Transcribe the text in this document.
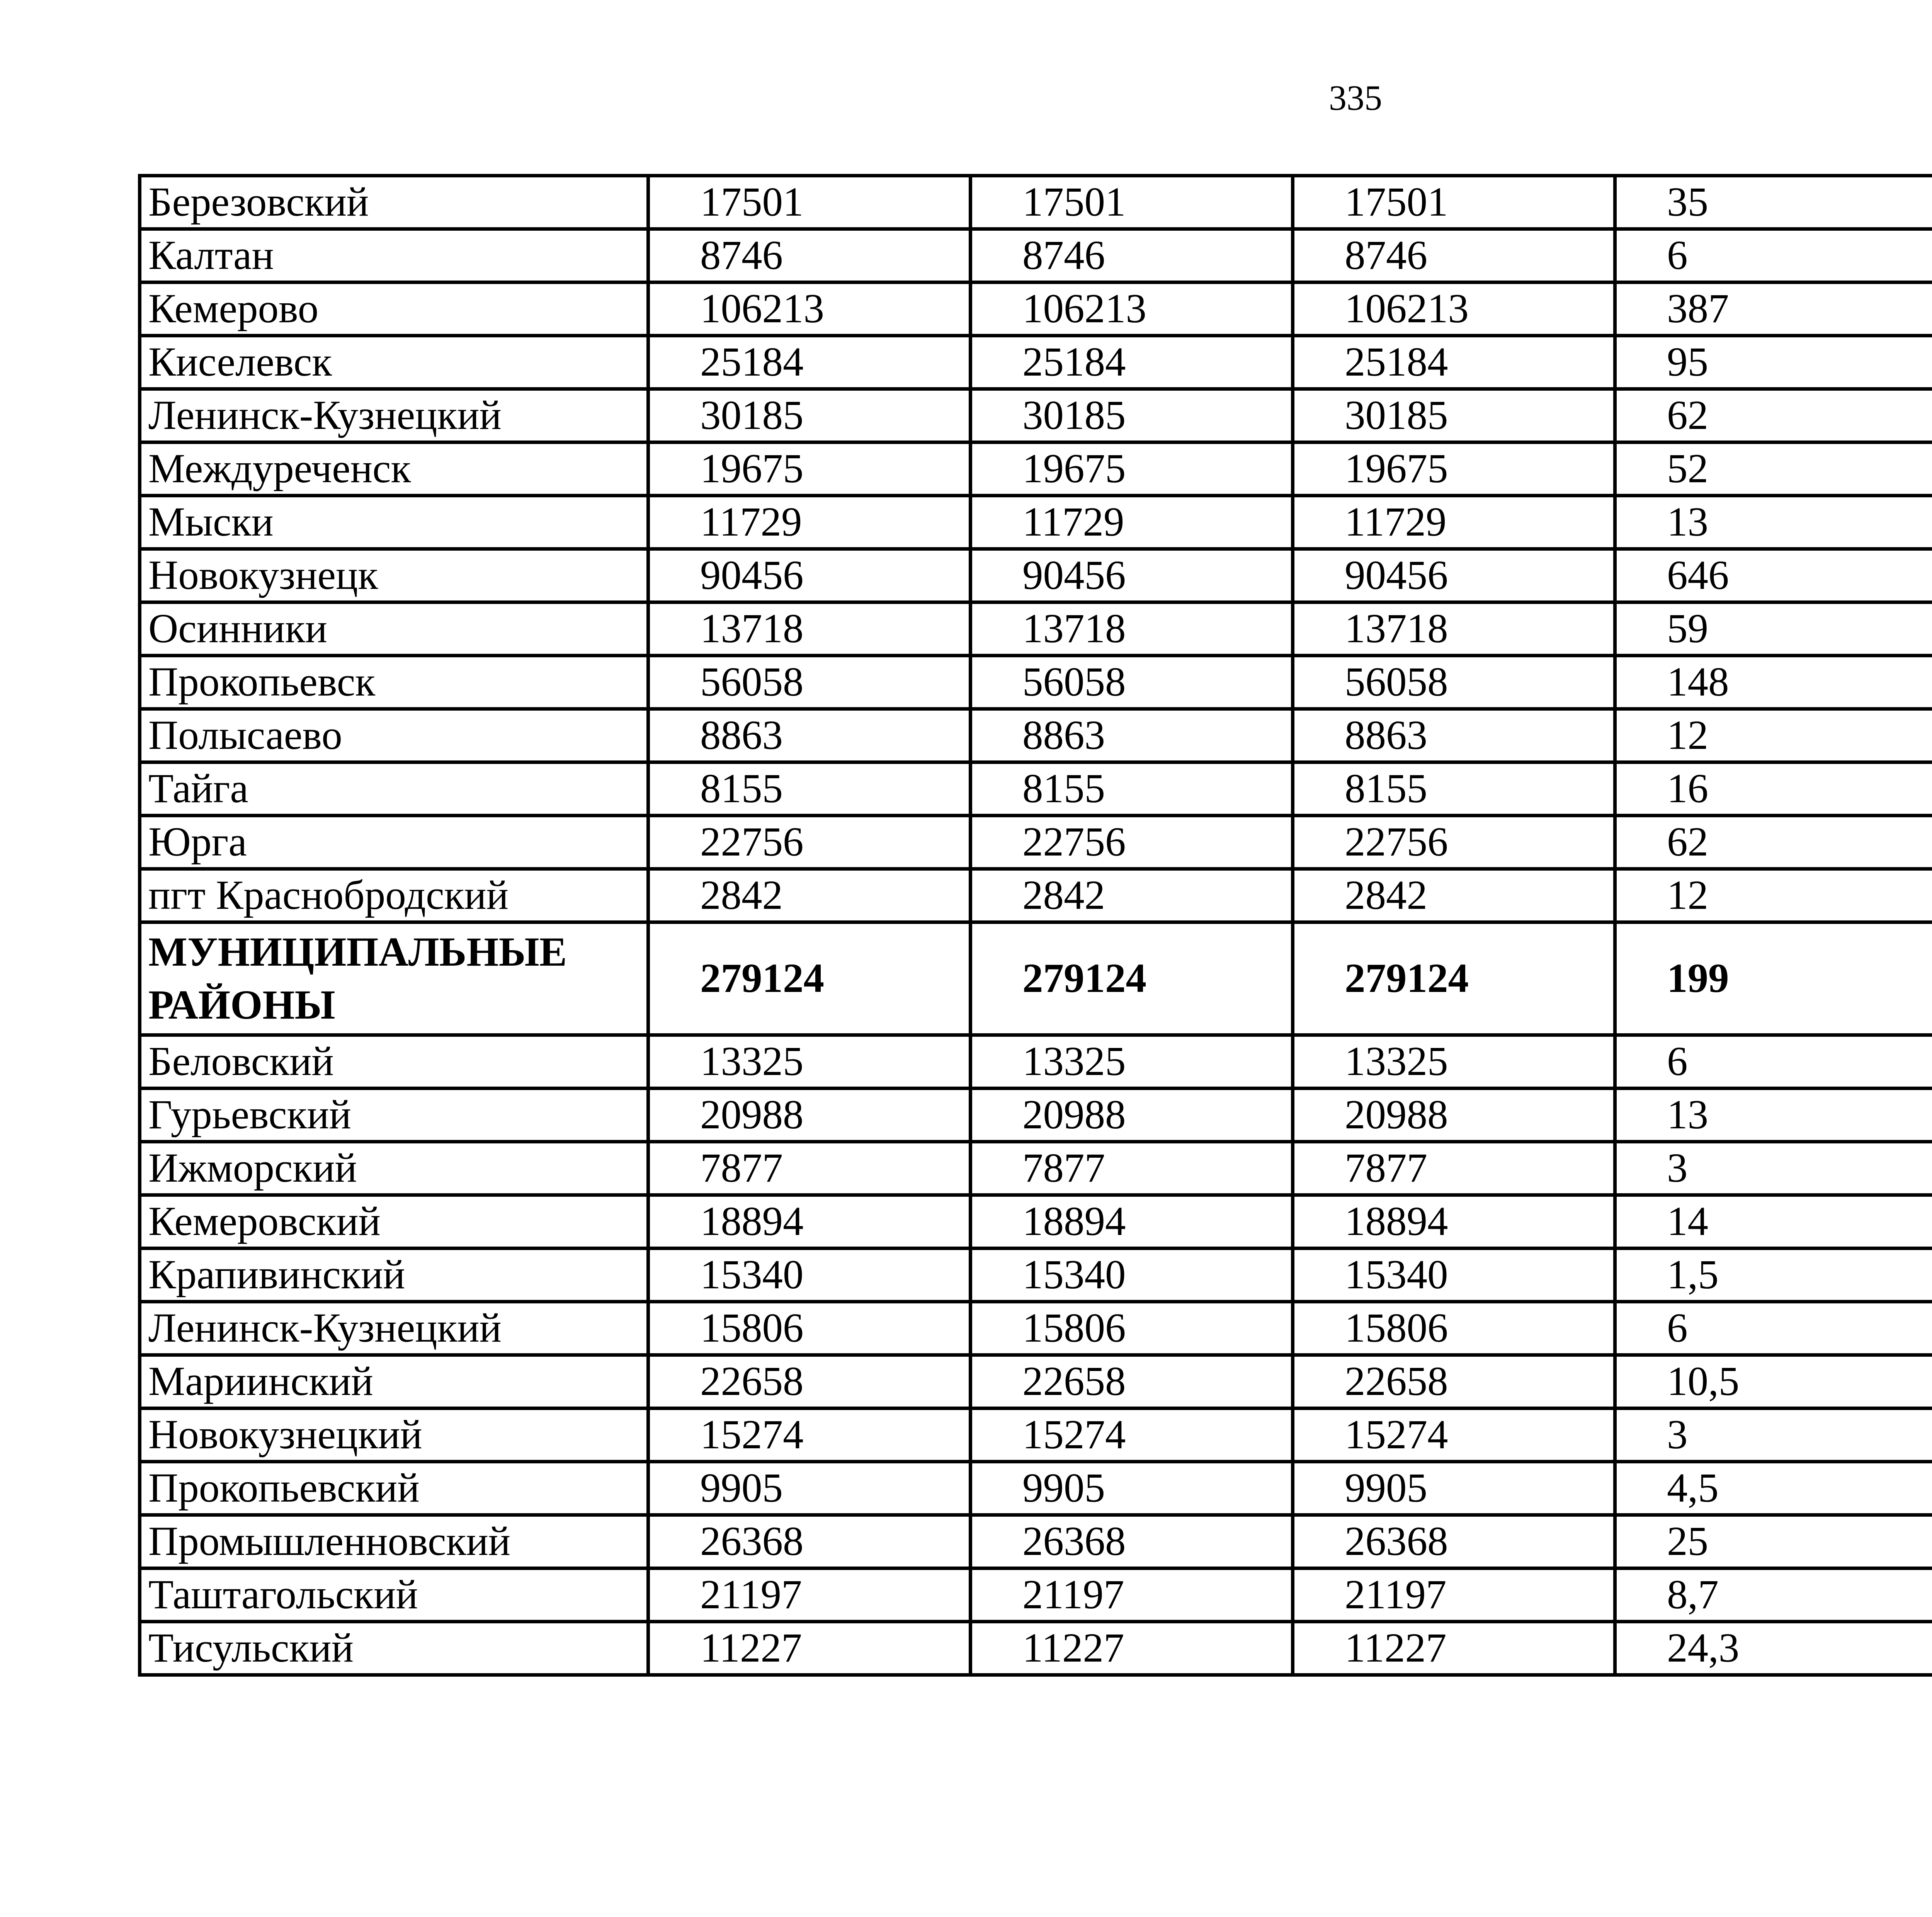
335
Березовский	17501	17501	17501	35		
Калтан	8746	8746	8746	6		
Кемерово	106213	106213	106213	387		
Киселевск	25184	25184	25184	95		
Ленинск-Кузнецкий	30185	30185	30185	62		
Междуреченск	19675	19675	19675	52		
Мыски	11729	11729	11729	13		
Новокузнецк	90456	90456	90456	646		
Осинники	13718	13718	13718	59		
Прокопьевск	56058	56058	56058	148		
Полысаево	8863	8863	8863	12		
Тайга	8155	8155	8155	16		
Юрга	22756	22756	22756	62		
пгт Краснобродский	2842	2842	2842	12		
МУНИЦИПАЛЬНЫЕ РАЙОНЫ	279124	279124	279124	199		
Беловский	13325	13325	13325	6		
Гурьевский	20988	20988	20988	13		
Ижморский	7877	7877	7877	3		
Кемеровский	18894	18894	18894	14		
Крапивинский	15340	15340	15340	1,5		
Ленинск-Кузнецкий	15806	15806	15806	6		
Мариинский	22658	22658	22658	10,5		
Новокузнецкий	15274	15274	15274	3		
Прокопьевский	9905	9905	9905	4,5		
Промышленновский	26368	26368	26368	25		
Таштагольский	21197	21197	21197	8,7		
Тисульский	11227	11227	11227	24,3		
